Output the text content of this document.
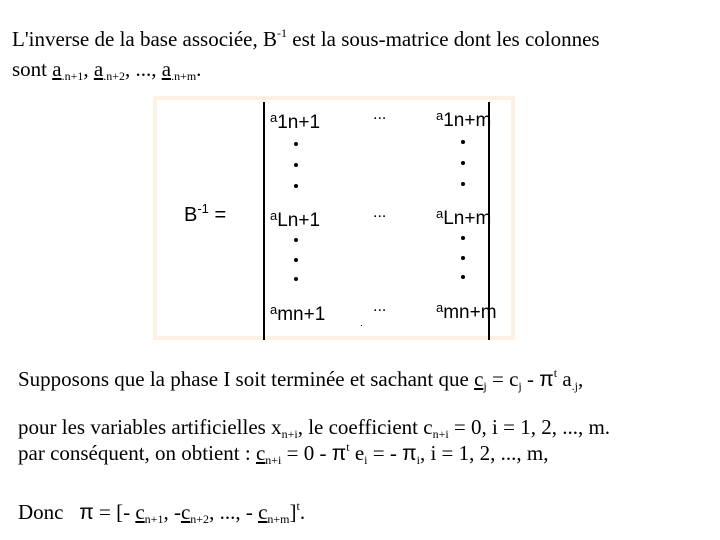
L'inverse de la base associée, $B^{-1}$ est la sous-matrice dont les colonnes
sont $a_{.n+1}$, $a_{.n+2}$, ..., $a_{.n+m}$.
$B^{-1}$ =
$^a$1n+1
$^a$Ln+1
$^a$mn+1
...
...
...
.
$^a$1n+m
$^a$Ln+m
$^a$mn+m
Supposons que la phase I soit terminée et sachant que $c_j = c_j - \pi^t$ $a_{.j}$,
pour les variables artificielles $x_{n+i}$, le coefficient $c_{n+i} = 0$, i = 1, 2, ..., m.
par conséquent, on obtient : $c_{n+i} = 0 - \pi^t$ $e_i$ = - $\pi_i$, i = 1, 2, ..., m,
Donc   π = [- $c_{n+1}$, $-c_{n+2}$, ..., - $c_{n+m}]^t$.
